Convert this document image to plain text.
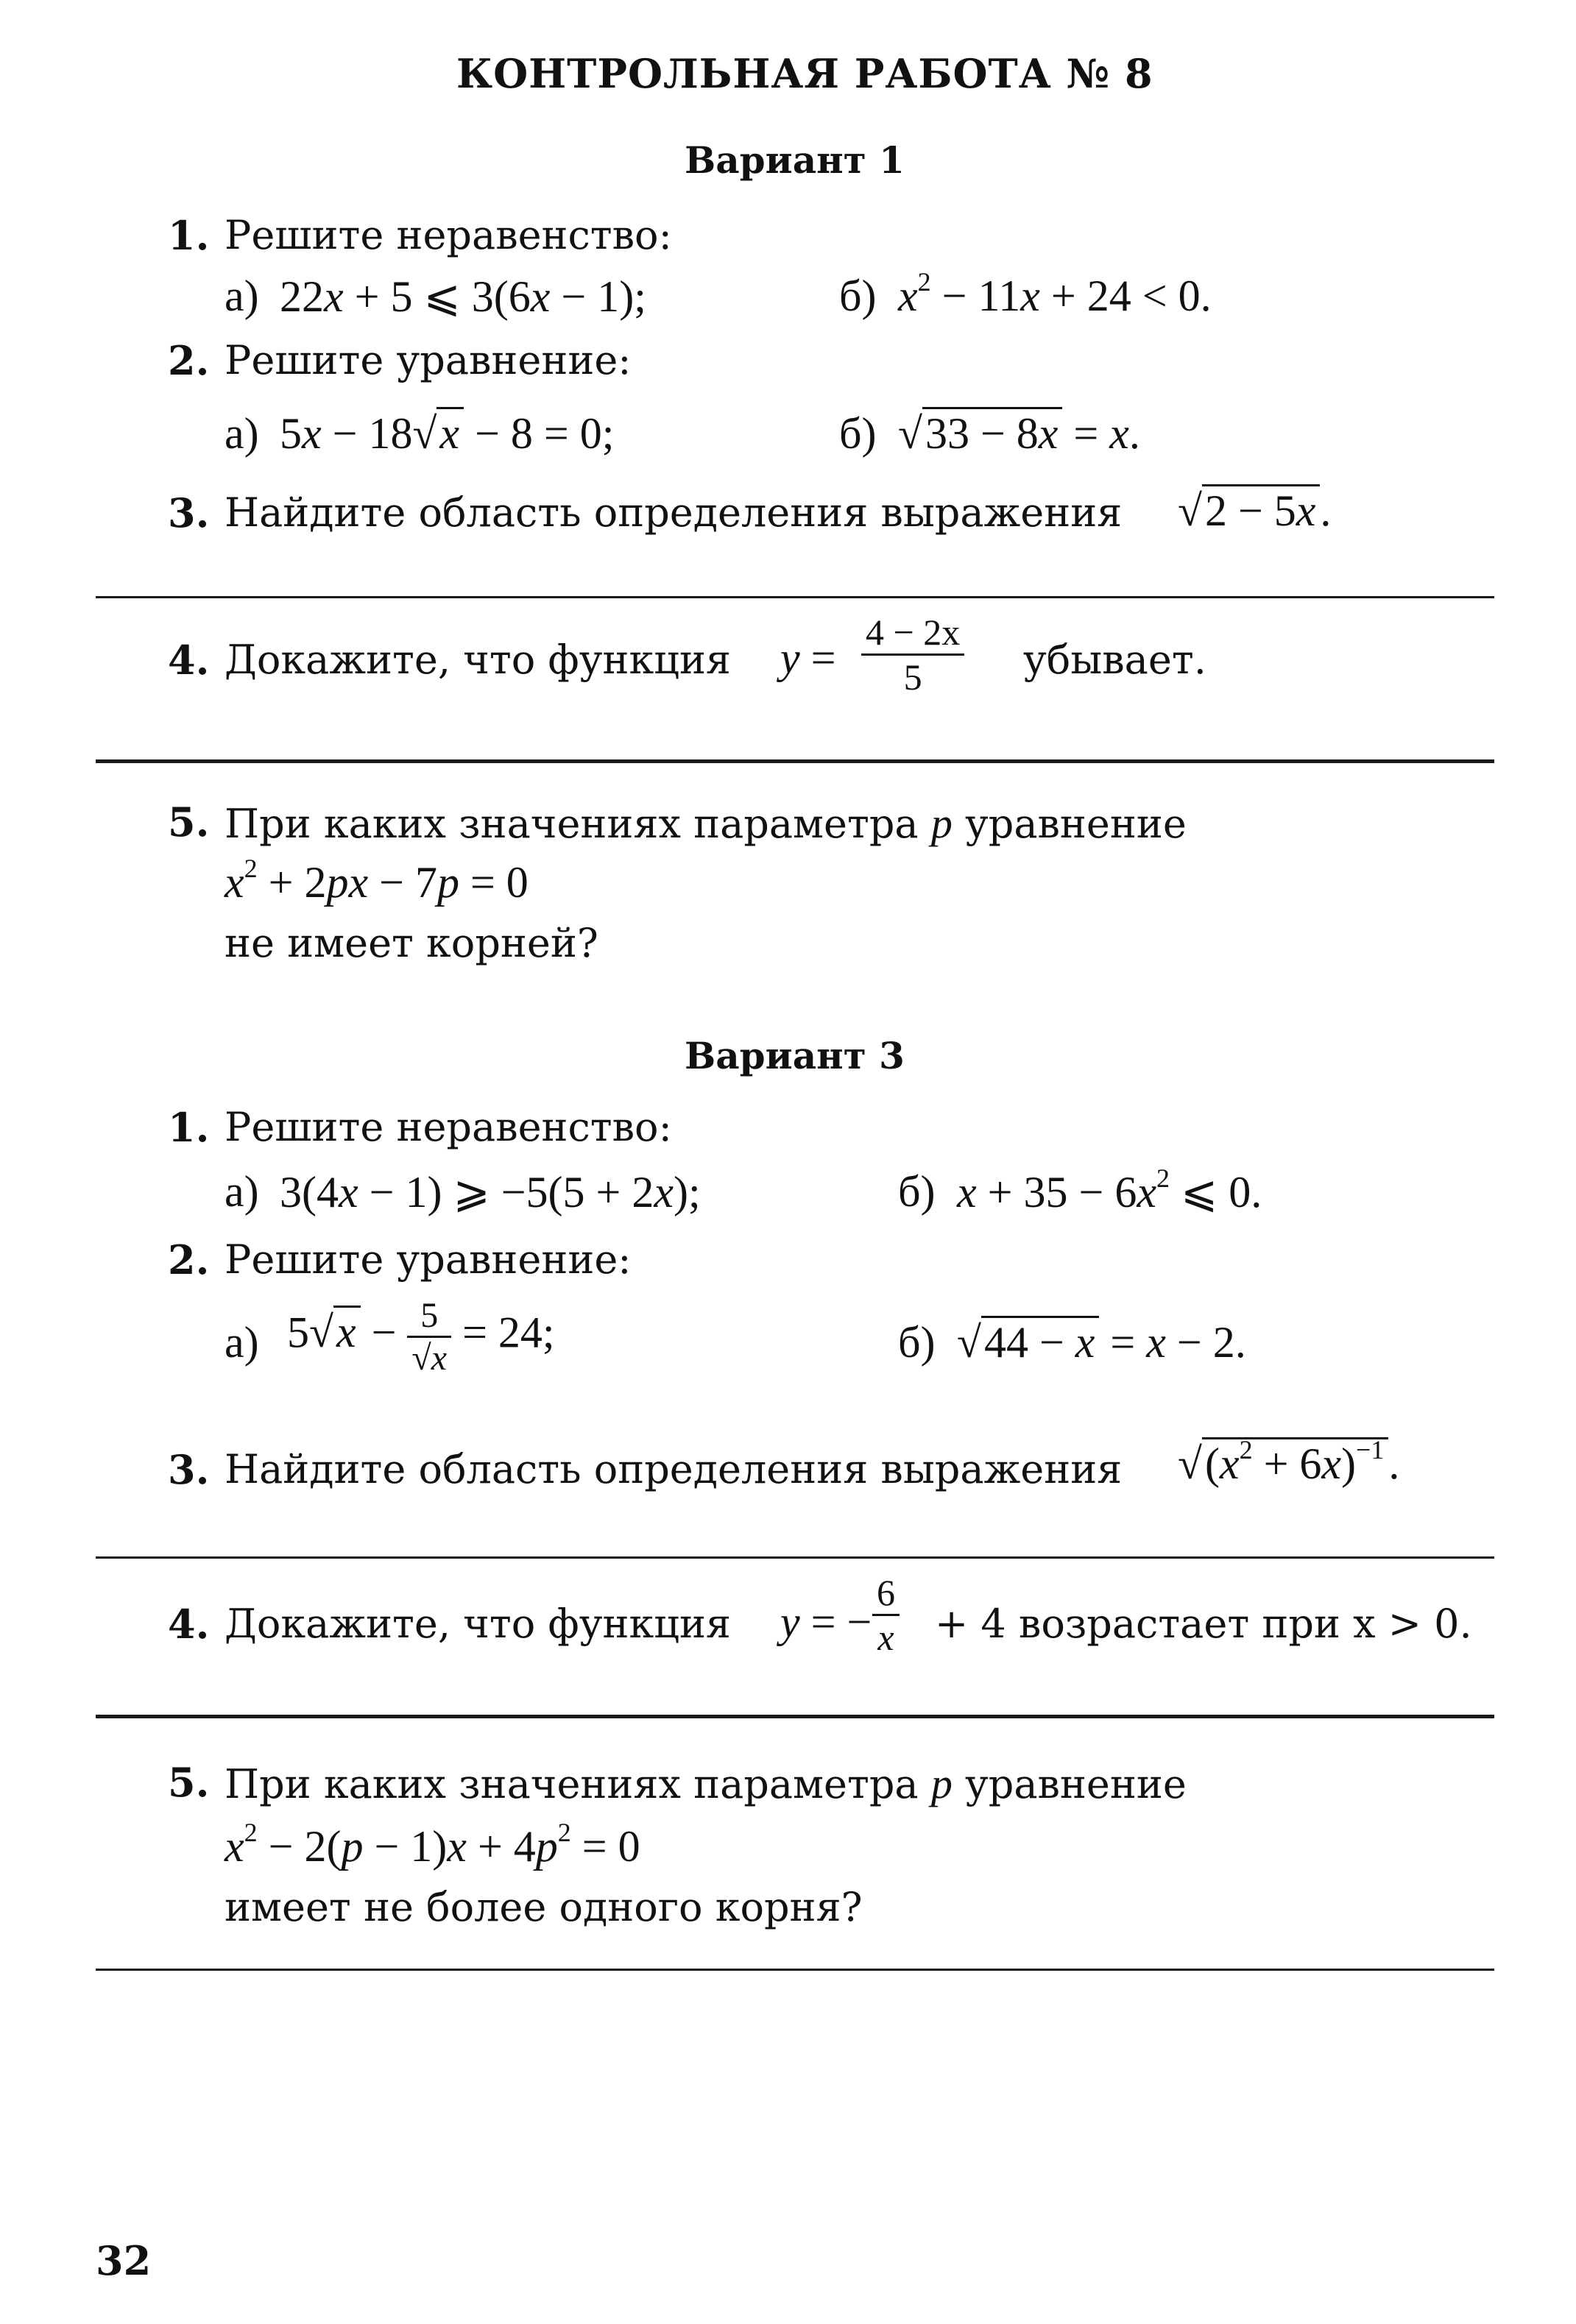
КОНТРОЛЬНАЯ РАБОТА № 8
Вариант 1
1. Решите неравенство:
а) 22x + 5 ⩽ 3(6x − 1);	б) $x^2 - 11x + 24 < 0$.
2. Решите уравнение:
а) 5x − 18√x − 8 = 0;	б) √33 − 8x = x.
3. Найдите область определения выражения √2 − 5x .
4. Докажите, что функция $y = \frac{4 - 2x}{5}$ убывает.
5. При каких значениях параметра p уравнение
$x^2 + 2px - 7p = 0$
не имеет корней?
Вариант 3
1. Решите неравенство:
а) 3(4x − 1) ⩾ −5(5 + 2x);	б) $x + 35 - 6x^2$ ⩽ 0.
2. Решите уравнение:
а) $5√x - \frac{5}{√x} = 24$;	б) √44 − x = x − 2.
3. Найдите область определения выражения $√(x^2 + 6x)^{-1}$ .
4. Докажите, что функция y = − $\frac{6}{x} + 4$ возрастает при x > 0.
5. При каких значениях параметра p уравнение
$x^2 - 2(p - 1)x + 4p^2 = 0$
имеет не более одного корня?
32
